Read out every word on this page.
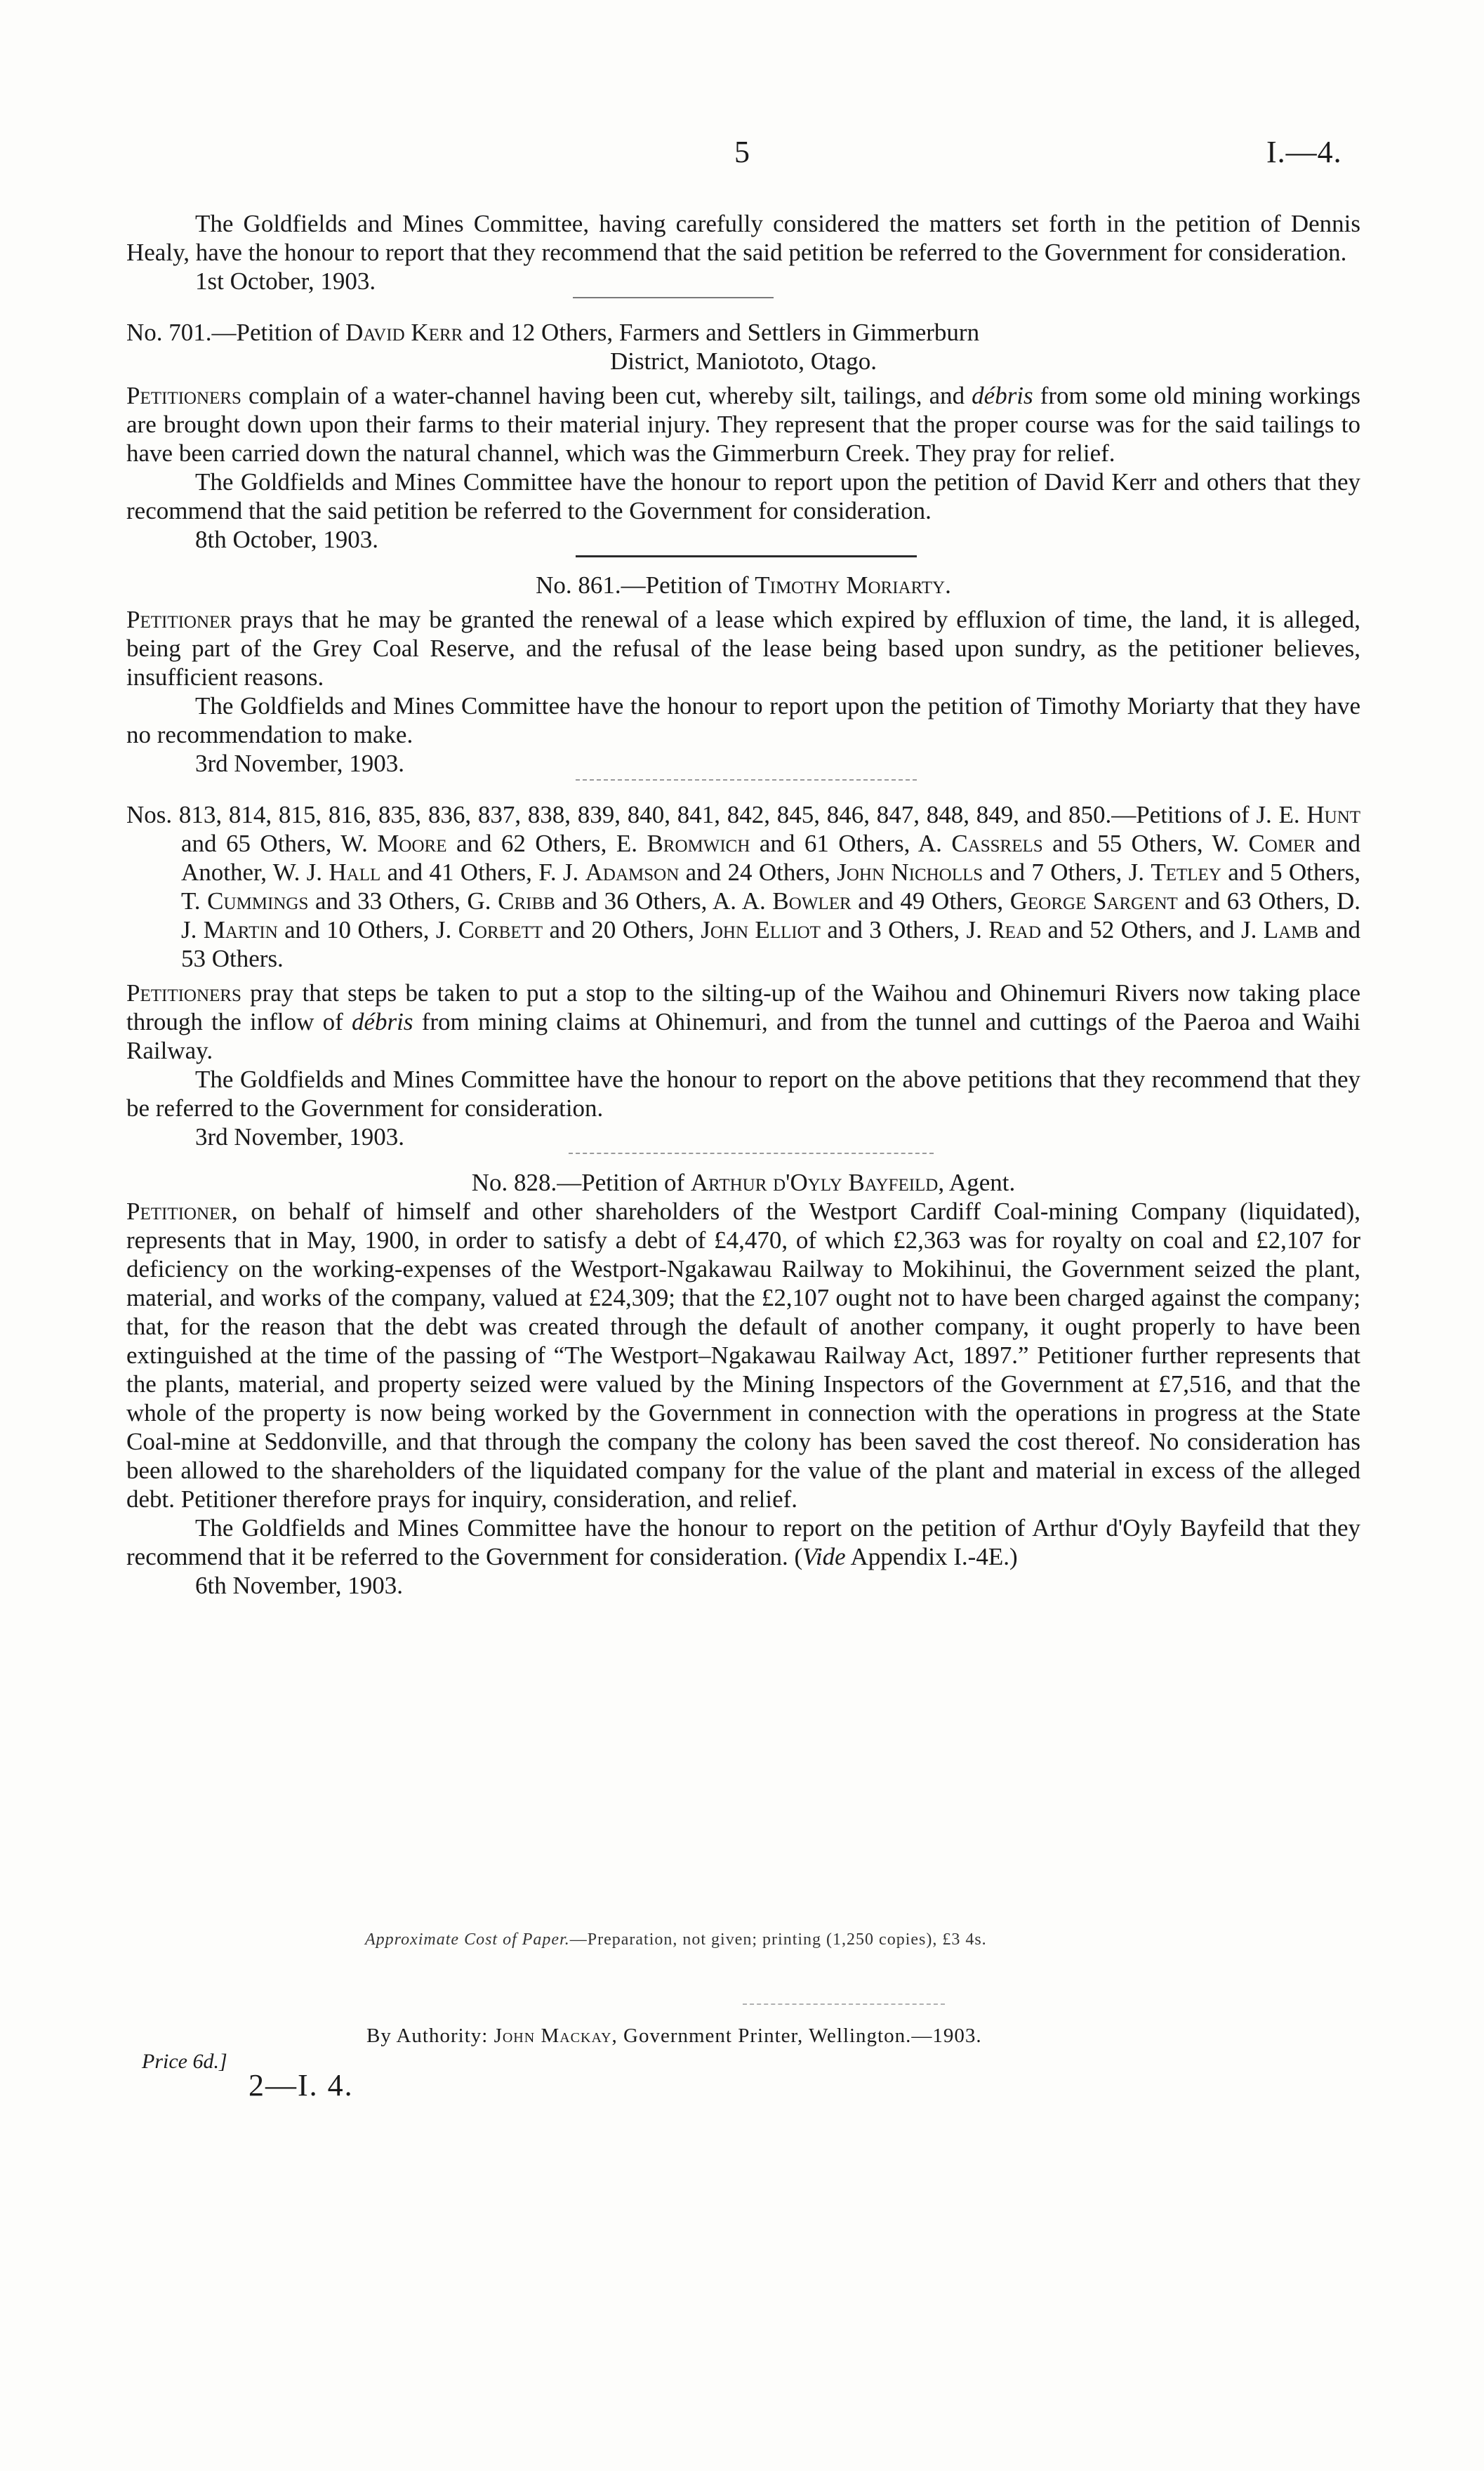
5	I.—4.

The Goldfields and Mines Committee, having carefully considered the matters set forth in the petition of Dennis Healy, have the honour to report that they recommend that the said petition be referred to the Government for consideration.

1st October, 1903.

No. 701.—Petition of David Kerr and 12 Others, Farmers and Settlers in Gimmerburn

District, Maniototo, Otago.

Petitioners complain of a water-channel having been cut, whereby silt, tailings, and débris from some old mining workings are brought down upon their farms to their material injury. They represent that the proper course was for the said tailings to have been carried down the natural channel, which was the Gimmerburn Creek. They pray for relief.

The Goldfields and Mines Committee have the honour to report upon the petition of David Kerr and others that they recommend that the said petition be referred to the Government for consideration.

8th October, 1903.

No. 861.—Petition of Timothy Moriarty.

Petitioner prays that he may be granted the renewal of a lease which expired by effluxion of time, the land, it is alleged, being part of the Grey Coal Reserve, and the refusal of the lease being based upon sundry, as the petitioner believes, insufficient reasons.

The Goldfields and Mines Committee have the honour to report upon the petition of Timothy Moriarty that they have no recommendation to make.

3rd November, 1903.

Nos. 813, 814, 815, 816, 835, 836, 837, 838, 839, 840, 841, 842, 845, 846, 847, 848, 849, and 850.—Petitions of J. E. Hunt and 65 Others, W. Moore and 62 Others, E. Bromwich and 61 Others, A. Cassrels and 55 Others, W. Comer and Another, W. J. Hall and 41 Others, F. J. Adamson and 24 Others, John Nicholls and 7 Others, J. Tetley and 5 Others, T. Cummings and 33 Others, G. Cribb and 36 Others, A. A. Bowler and 49 Others, George Sargent and 63 Others, D. J. Martin and 10 Others, J. Corbett and 20 Others, John Elliot and 3 Others, J. Read and 52 Others, and J. Lamb and 53 Others.

Petitioners pray that steps be taken to put a stop to the silting-up of the Waihou and Ohinemuri Rivers now taking place through the inflow of débris from mining claims at Ohinemuri, and from the tunnel and cuttings of the Paeroa and Waihi Railway.

The Goldfields and Mines Committee have the honour to report on the above petitions that they recommend that they be referred to the Government for consideration.

3rd November, 1903.

No. 828.—Petition of Arthur d'Oyly Bayfeild, Agent.

Petitioner, on behalf of himself and other shareholders of the Westport Cardiff Coal-mining Company (liquidated), represents that in May, 1900, in order to satisfy a debt of £4,470, of which £2,363 was for royalty on coal and £2,107 for deficiency on the working-expenses of the Westport-Ngakawau Railway to Mokihinui, the Government seized the plant, material, and works of the company, valued at £24,309; that the £2,107 ought not to have been charged against the company; that, for the reason that the debt was created through the default of another company, it ought properly to have been extinguished at the time of the passing of “The Westport–Ngakawau Railway Act, 1897.” Petitioner further represents that the plants, material, and property seized were valued by the Mining Inspectors of the Government at £7,516, and that the whole of the property is now being worked by the Government in connection with the operations in progress at the State Coal-mine at Seddonville, and that through the company the colony has been saved the cost thereof. No consideration has been allowed to the shareholders of the liquidated company for the value of the plant and material in excess of the alleged debt. Petitioner therefore prays for inquiry, consideration, and relief.

The Goldfields and Mines Committee have the honour to report on the petition of Arthur d'Oyly Bayfeild that they recommend that it be referred to the Government for consideration. (Vide Appendix I.-4E.)

6th November, 1903.

Approximate Cost of Paper.—Preparation, not given; printing (1,250 copies), £3 4s.
By Authority: John Mackay, Government Printer, Wellington.—1903.
Price 6d.]
2—I. 4.
